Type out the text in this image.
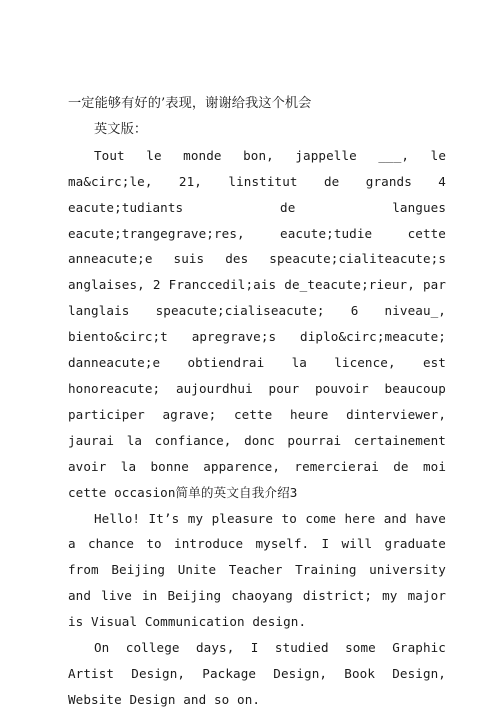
一定能够有好的’表现，谢谢给我这个机会

英文版：

Tout le monde bon, jappelle ___, le ma&circ;le, 21, linstitut de grands 4 eacute;tudiants de langues eacute;trangegrave;res, eacute;tudie cette anneacute;e suis des speacute;cialiteacute;s anglaises, 2 Franccedil;ais de_teacute;rieur, par langlais speacute;cialiseacute; 6 niveau_, biento&circ;t apregrave;s diplo&circ;meacute; danneacute;e obtiendrai la licence, est honoreacute; aujourdhui pour pouvoir beaucoup participer agrave; cette heure dinterviewer, jaurai la confiance, donc pourrai certainement avoir la bonne apparence, remercierai de moi cette occasion简单的英文自我介绍3

Hello! It’s my pleasure to come here and have a chance to introduce myself. I will graduate from Beijing Unite Teacher Training university and live in Beijing chaoyang district; my major is Visual Communication design.

On college days, I studied some Graphic Artist Design, Package Design, Book Design, Website Design and so on.
